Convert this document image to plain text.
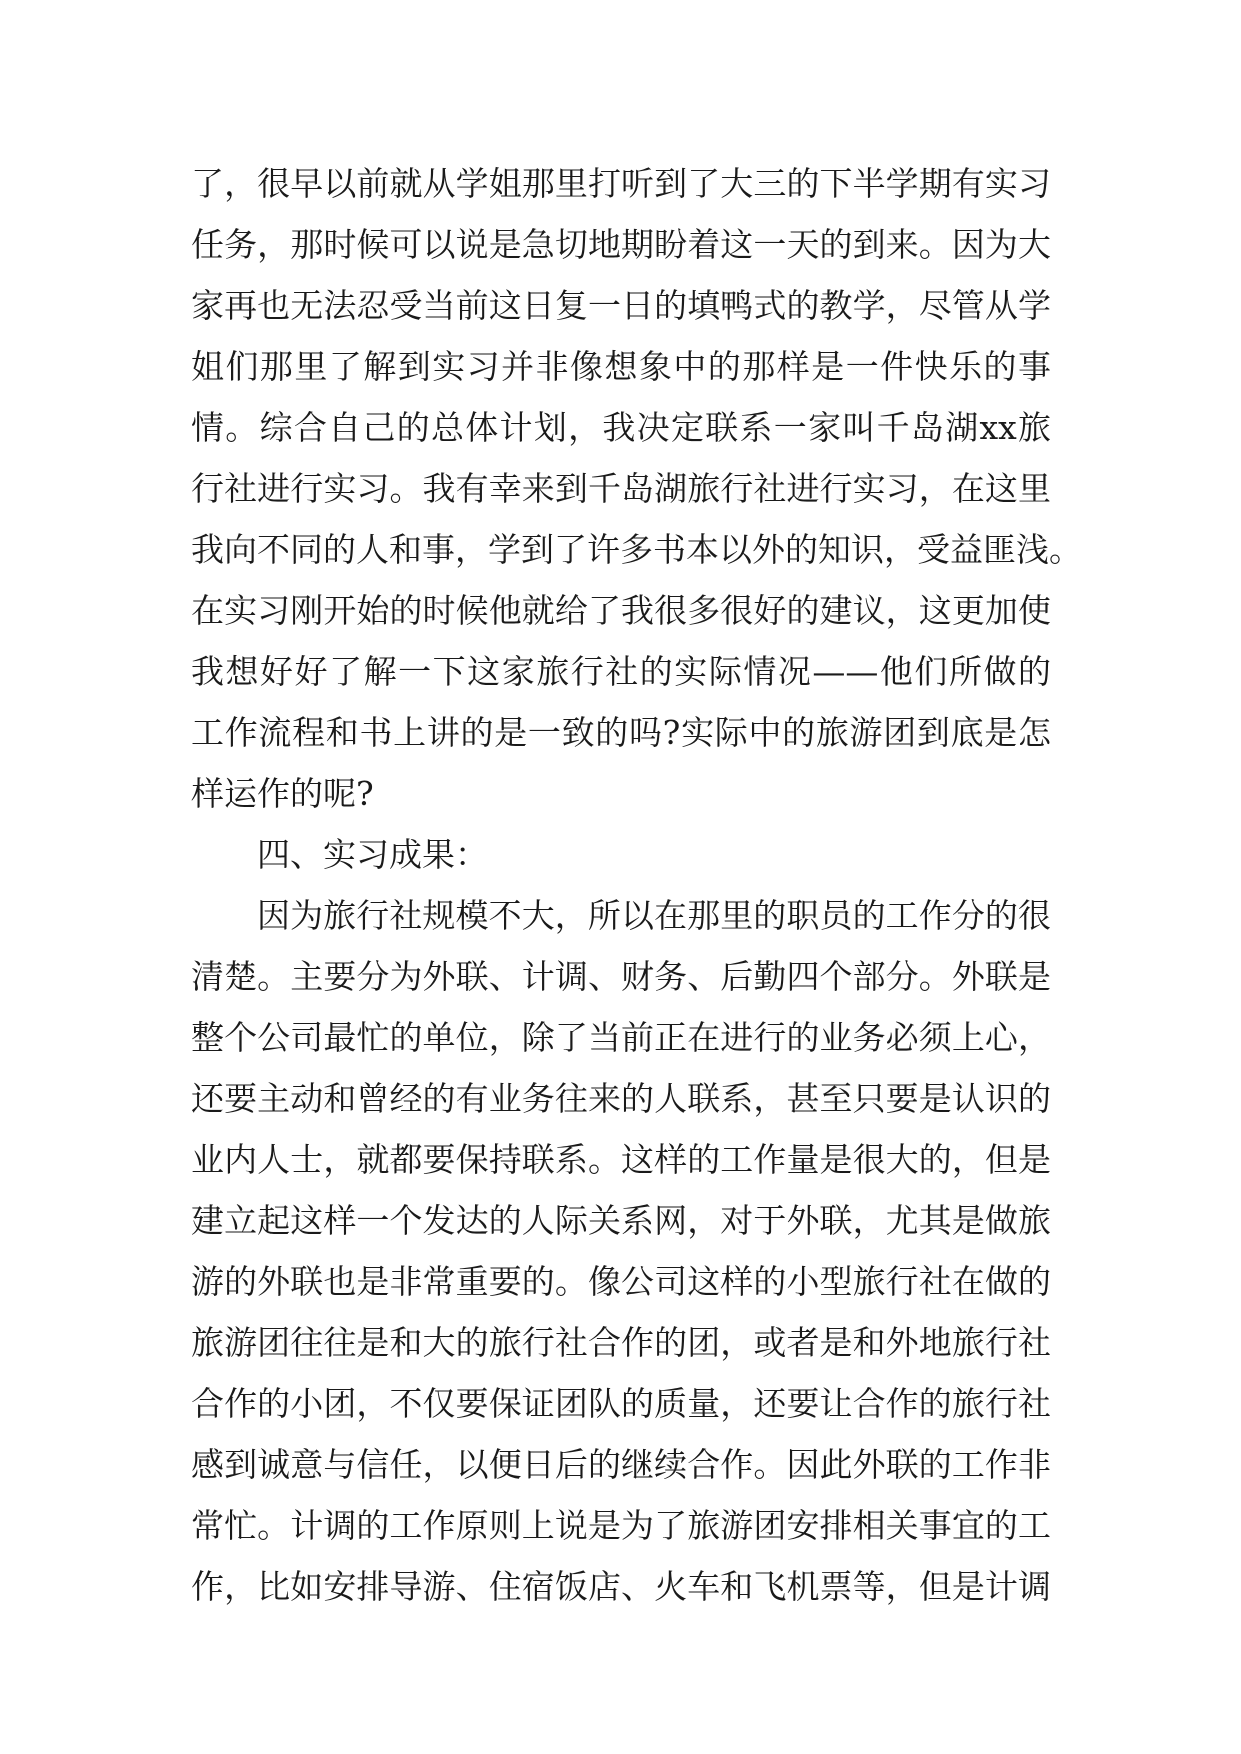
了，很早以前就从学姐那里打听到了大三的下半学期有实习
任务，那时候可以说是急切地期盼着这一天的到来。因为大
家再也无法忍受当前这日复一日的填鸭式的教学，尽管从学
姐们那里了解到实习并非像想象中的那样是一件快乐的事
情。综合自己的总体计划，我决定联系一家叫千岛湖xx旅
行社进行实习。我有幸来到千岛湖旅行社进行实习，在这里
我向不同的人和事，学到了许多书本以外的知识，受益匪浅。
在实习刚开始的时候他就给了我很多很好的建议，这更加使
我想好好了解一下这家旅行社的实际情况——他们所做的
工作流程和书上讲的是一致的吗?实际中的旅游团到底是怎
样运作的呢?
四、实习成果：
因为旅行社规模不大，所以在那里的职员的工作分的很
清楚。主要分为外联、计调、财务、后勤四个部分。外联是
整个公司最忙的单位，除了当前正在进行的业务必须上心，
还要主动和曾经的有业务往来的人联系，甚至只要是认识的
业内人士，就都要保持联系。这样的工作量是很大的，但是
建立起这样一个发达的人际关系网，对于外联，尤其是做旅
游的外联也是非常重要的。像公司这样的小型旅行社在做的
旅游团往往是和大的旅行社合作的团，或者是和外地旅行社
合作的小团，不仅要保证团队的质量，还要让合作的旅行社
感到诚意与信任，以便日后的继续合作。因此外联的工作非
常忙。计调的工作原则上说是为了旅游团安排相关事宜的工
作，比如安排导游、住宿饭店、火车和飞机票等，但是计调
